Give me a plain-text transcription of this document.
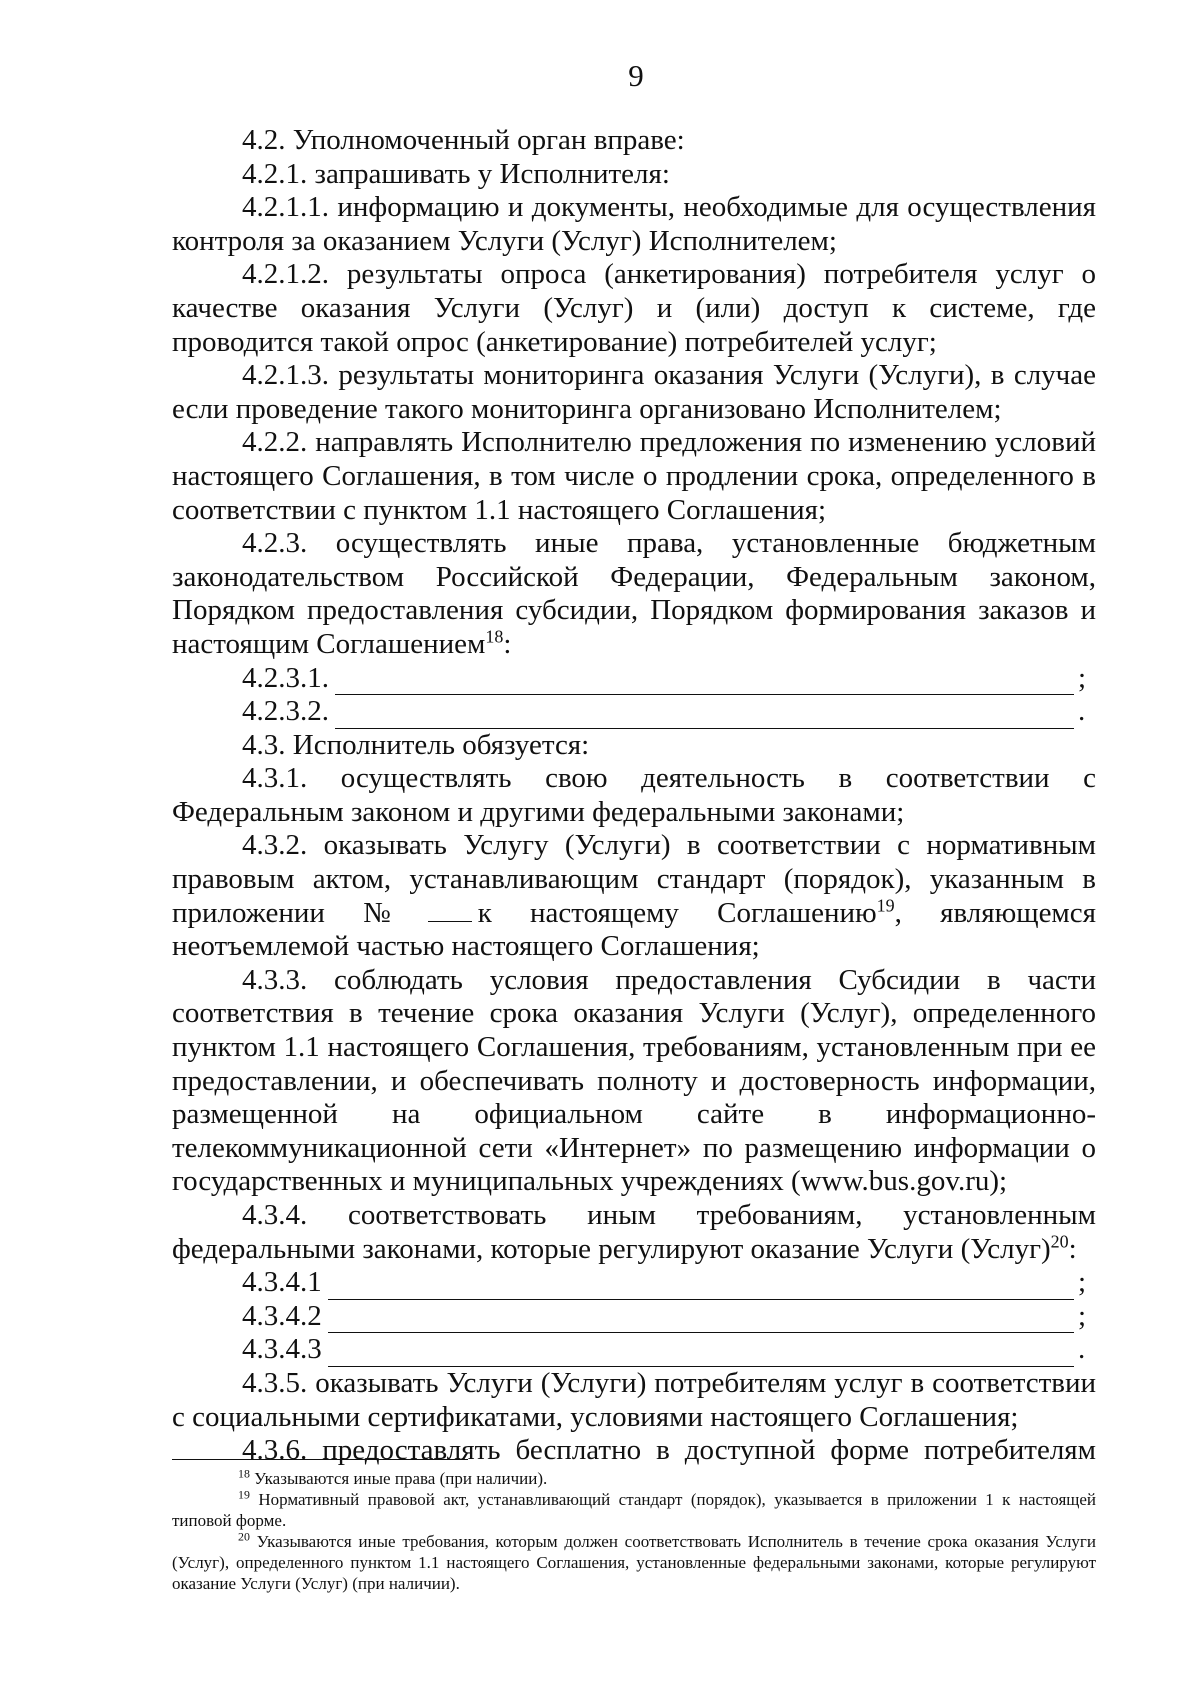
9

4.2. Уполномоченный орган вправе:

4.2.1. запрашивать у Исполнителя:

4.2.1.1. информацию и документы, необходимые для осуществления контроля за оказанием Услуги (Услуг) Исполнителем;

4.2.1.2. результаты опроса (анкетирования) потребителя услуг о качестве оказания Услуги (Услуг) и (или) доступ к системе, где проводится такой опрос (анкетирование) потребителей услуг;

4.2.1.3. результаты мониторинга оказания Услуги (Услуги), в случае если проведение такого мониторинга организовано Исполнителем;

4.2.2. направлять Исполнителю предложения по изменению условий настоящего Соглашения, в том числе о продлении срока, определенного в соответствии с пунктом 1.1 настоящего Соглашения;

4.2.3. осуществлять иные права, установленные бюджетным законодательством Российской Федерации, Федеральным законом, Порядком предоставления субсидии, Порядком формирования заказов и настоящим Соглашением$^{18}$:

4.2.3.1.	;
4.2.3.2.	.

4.3. Исполнитель обязуется:

4.3.1. осуществлять свою деятельность в соответствии с Федеральным законом и другими федеральными законами;

4.3.2. оказывать Услугу (Услуги) в соответствии с нормативным правовым актом, устанавливающим стандарт (порядок), указанным в приложении № к настоящему Соглашению$^{19}$, являющемся неотъемлемой частью настоящего Соглашения;

4.3.3. соблюдать условия предоставления Субсидии в части соответствия в течение срока оказания Услуги (Услуг), определенного пунктом 1.1 настоящего Соглашения, требованиям, установленным при ее предоставлении, и обеспечивать полноту и достоверность информации, размещенной на официальном сайте в информационно-телекоммуникационной сети «Интернет» по размещению информации о государственных и муниципальных учреждениях (www.bus.gov.ru);

4.3.4. соответствовать иным требованиям, установленным федеральными законами, которые регулируют оказание Услуги (Услуг)$^{20}$:

4.3.4.1	;
4.3.4.2	;
4.3.4.3	.

4.3.5. оказывать Услуги (Услуги) потребителям услуг в соответствии с социальными сертификатами, условиями настоящего Соглашения;

4.3.6. предоставлять бесплатно в доступной форме потребителям

$^{18}$ Указываются иные права (при наличии).

$^{19}$ Нормативный правовой акт, устанавливающий стандарт (порядок), указывается в приложении 1 к настоящей типовой форме.

$^{20}$ Указываются иные требования, которым должен соответствовать Исполнитель в течение срока оказания Услуги (Услуг), определенного пунктом 1.1 настоящего Соглашения, установленные федеральными законами, которые регулируют оказание Услуги (Услуг) (при наличии).
